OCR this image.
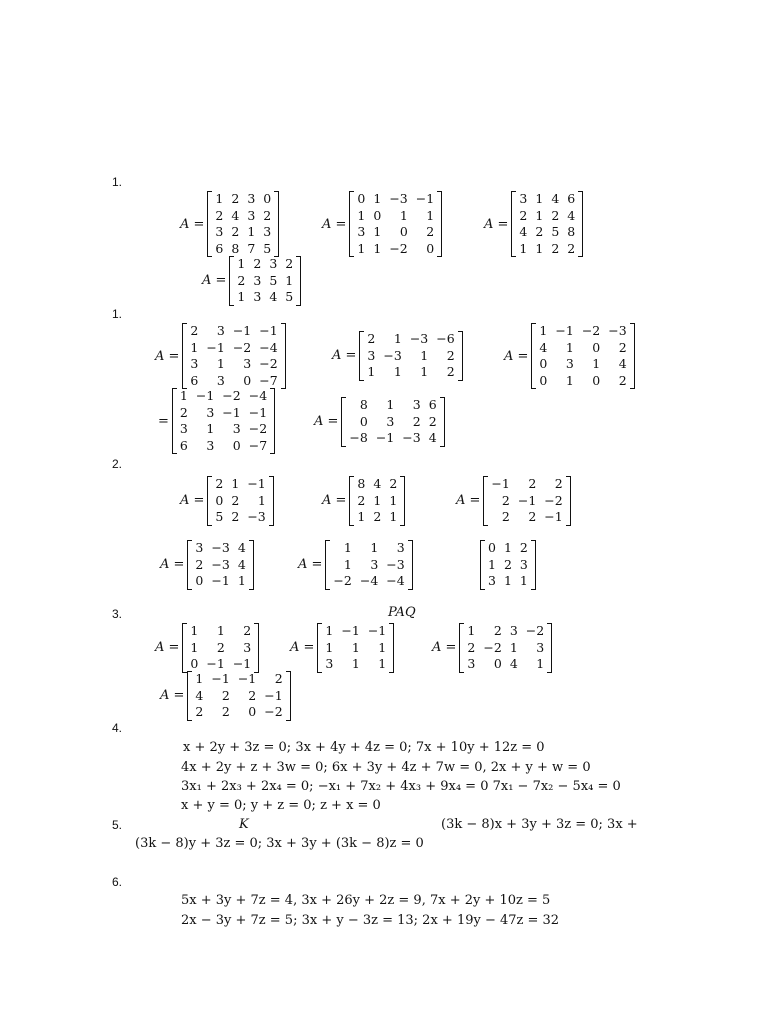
1.
1.
2.
3.
4.
5.
6.
A =
1 2 3 0
2 4 3 2
3 2 1 3
6 8 7 5
A =
0 1 −3 −1
1 0	1	1
3 1	0	2
1 1 −2	0
A =
3 1 4 6
2 1 2 4
4 2 5 8
1 1 2 2
A =
1 2 3 2
2 3 5 1
1 3 4 5
A =
2	3 −1 −1
1 −1 −2 −4
3	1	3 −2
6	3	0 −7
A =
2	1 −3 −6
3 −3	1	2
1	1	1	2
A =
1 −1 −2 −3
4	1	0	2
0	3	1	4
0	1	0	2
=
1 −1 −2 −4
2	3 −1 −1
3	1	3 −2
6	3	0 −7
A =
8	1	3 6
0	3	2 2
−8 −1 −3 4
A =
2 1 −1
0 2	1
5 2 −3
A =
8 4 2
2 1 1
1 2 1
A =
−1	2	2
2 −1 −2
2	2 −1
A =
3 −3 4
2 −3 4
0 −1 1
A =
1	1	3
1	3 −3
−2 −4 −4
0 1 2
1 2 3
3 1 1
PAQ
A =
1	1	2
1	2	3
0 −1 −1
A =
1 −1 −1
1	1	1
3	1	1
A =
1	2 3 −2
2 −2 1	3
3	0 4	1
A =
1 −1 −1	2
4	2	2 −1
2	2	0 −2
x + 2y + 3z = 0; 3x + 4y + 4z = 0; 7x + 10y + 12z = 0
4x + 2y + z + 3w = 0; 6x + 3y + 4z + 7w = 0, 2x + y + w = 0
3x₁ + 2x₃ + 2x₄ = 0; −x₁ + 7x₂ + 4x₃ + 9x₄ = 0 7x₁ − 7x₂ − 5x₄ = 0
x + y = 0; y + z = 0; z + x = 0
K	(3k − 8)x + 3y + 3z = 0; 3x +
(3k − 8)y + 3z = 0; 3x + 3y + (3k − 8)z = 0
5x + 3y + 7z = 4, 3x + 26y + 2z = 9, 7x + 2y + 10z = 5
2x − 3y + 7z = 5; 3x + y − 3z = 13; 2x + 19y − 47z = 32
